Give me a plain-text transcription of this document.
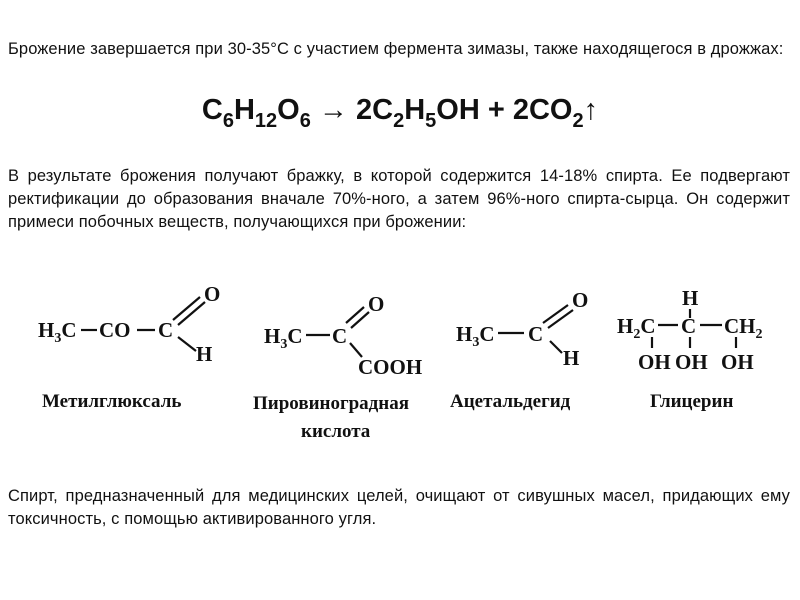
Брожение завершается при 30-35°С с участием фермента зимазы, также находящегося в дрожжах:
$C_6H_{12}O_6 \to 2C_2H_5OH$ + $2CO_2↑$
В результате брожения получают бражку, в которой содержится 14-18% спирта. Ее подвергают ректификации до образования вначале 70%-ного, а затем 96%-ного спирта-сырца. Он содержит примеси побочных веществ, получающихся при брожении:
$H_3C$ CO C
O
H
Метилглюксаль
$H_3C$ C
O
COOH
Пировиноградная
кислота
$H_3C$ C
O
H
Ацетальдегид
H
$H_2C$ C $CH_2$
OH OH OH
Глицерин
Спирт, предназначенный для медицинских целей, очищают от сивушных масел, придающих ему токсичность, с помощью активированного угля.
